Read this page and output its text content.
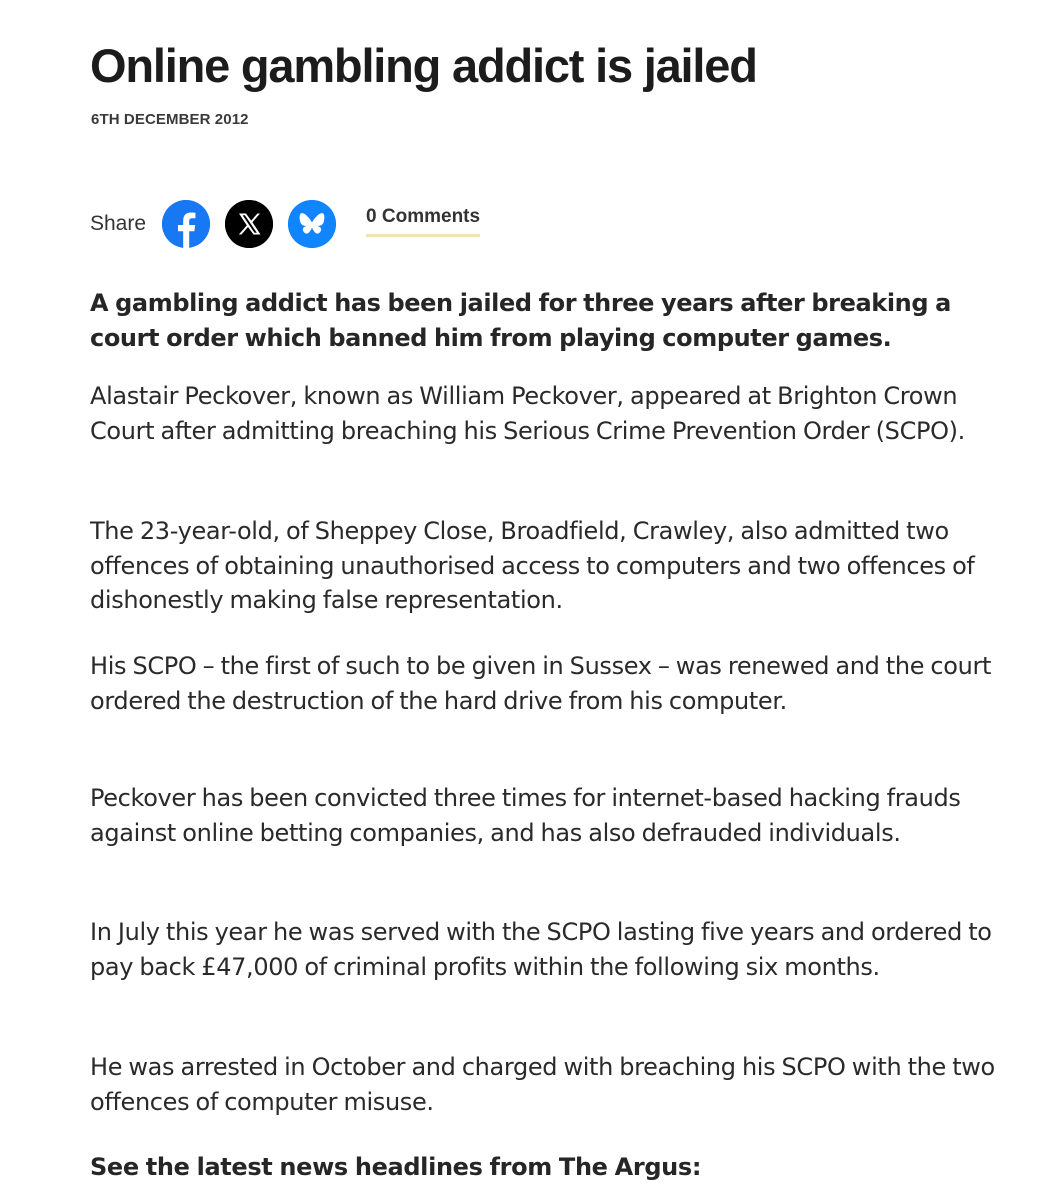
Online gambling addict is jailed
6TH DECEMBER 2012
Share	0 Comments

A gambling addict has been jailed for three years after breaking a court order which banned him from playing computer games.

Alastair Peckover, known as William Peckover, appeared at Brighton Crown Court after admitting breaching his Serious Crime Prevention Order (SCPO).

The 23-year-old, of Sheppey Close, Broadfield, Crawley, also admitted two offences of obtaining unauthorised access to computers and two offences of dishonestly making false representation.

His SCPO – the first of such to be given in Sussex – was renewed and the court ordered the destruction of the hard drive from his computer.

Peckover has been convicted three times for internet-based hacking frauds against online betting companies, and has also defrauded individuals.

In July this year he was served with the SCPO lasting five years and ordered to pay back £47,000 of criminal profits within the following six months.

He was arrested in October and charged with breaching his SCPO with the two offences of computer misuse.

See the latest news headlines from The Argus:
